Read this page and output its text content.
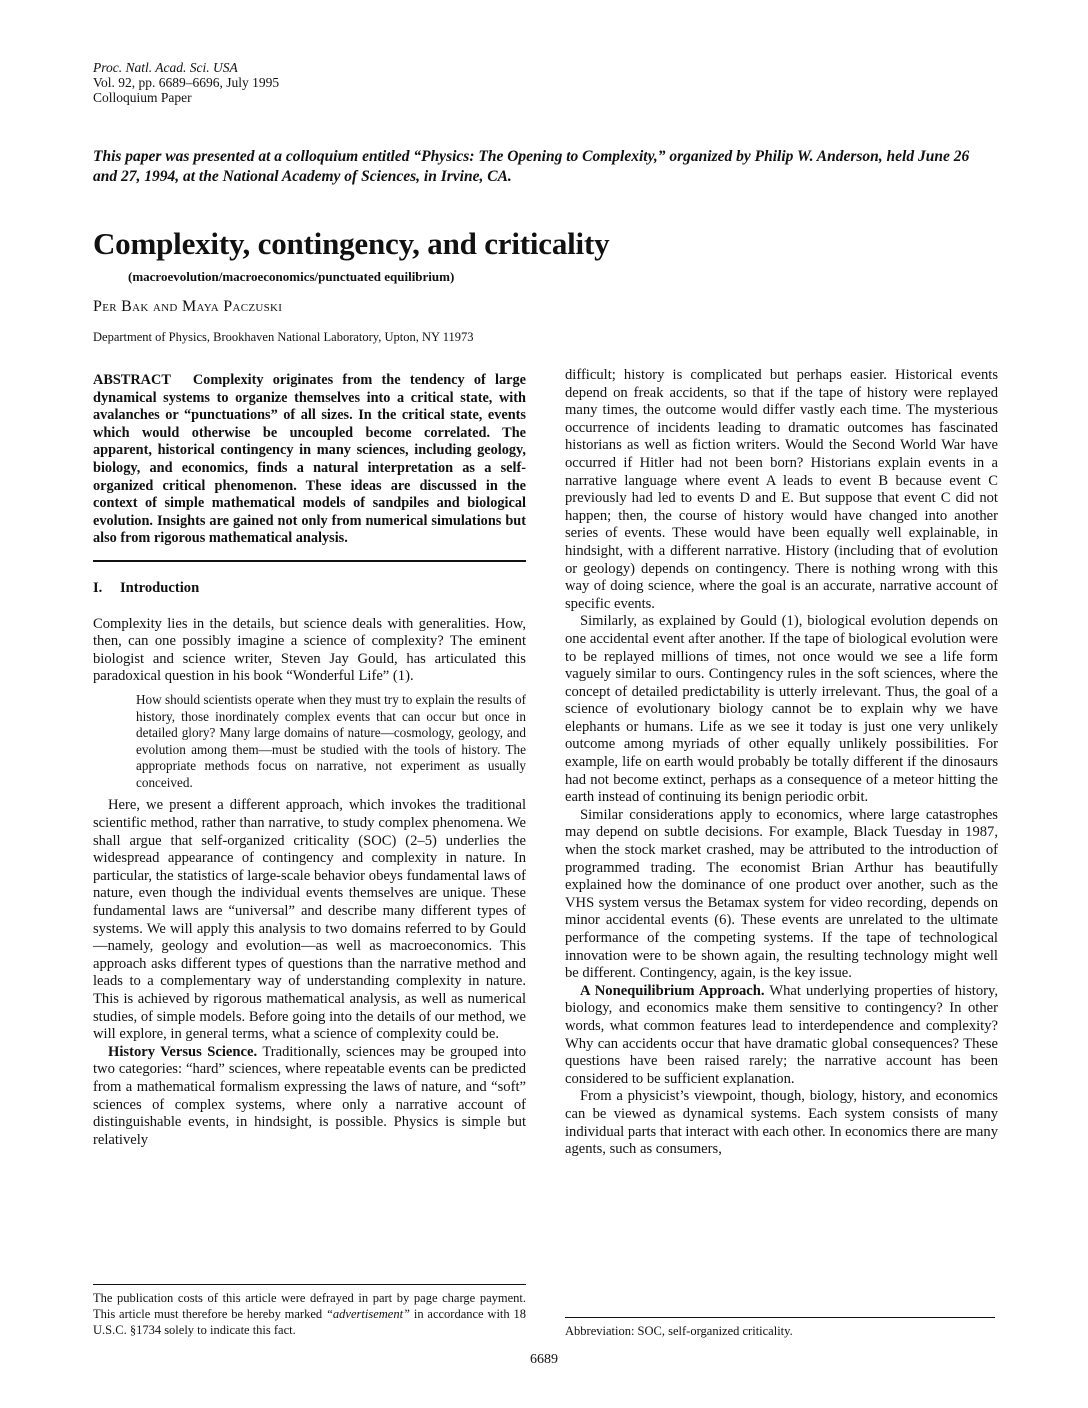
Proc. Natl. Acad. Sci. USA
Vol. 92, pp. 6689–6696, July 1995
Colloquium Paper
This paper was presented at a colloquium entitled “Physics: The Opening to Complexity,” organized by Philip W. Anderson, held June 26 and 27, 1994, at the National Academy of Sciences, in Irvine, CA.
Complexity, contingency, and criticality
(macroevolution/macroeconomics/punctuated equilibrium)
Per Bak and Maya Paczuski
Department of Physics, Brookhaven National Laboratory, Upton, NY 11973

ABSTRACT Complexity originates from the tendency of large dynamical systems to organize themselves into a critical state, with avalanches or “punctuations” of all sizes. In the critical state, events which would otherwise be uncoupled become correlated. The apparent, historical contingency in many sciences, including geology, biology, and economics, finds a natural interpretation as a self-organized critical phenomenon. These ideas are discussed in the context of simple mathematical models of sandpiles and biological evolution. Insights are gained not only from numerical simulations but also from rigorous mathematical analysis.

I. Introduction

Complexity lies in the details, but science deals with generalities. How, then, can one possibly imagine a science of complexity? The eminent biologist and science writer, Steven Jay Gould, has articulated this paradoxical question in his book “Wonderful Life” (1).

How should scientists operate when they must try to explain the results of history, those inordinately complex events that can occur but once in detailed glory? Many large domains of nature—cosmology, geology, and evolution among them—must be studied with the tools of history. The appropriate methods focus on narrative, not experiment as usually conceived.

Here, we present a different approach, which invokes the traditional scientific method, rather than narrative, to study complex phenomena. We shall argue that self-organized criticality (SOC) (2–5) underlies the widespread appearance of contingency and complexity in nature. In particular, the statistics of large-scale behavior obeys fundamental laws of nature, even though the individual events themselves are unique. These fundamental laws are “universal” and describe many different types of systems. We will apply this analysis to two domains referred to by Gould—namely, geology and evolution—as well as macroeconomics. This approach asks different types of questions than the narrative method and leads to a complementary way of understanding complexity in nature. This is achieved by rigorous mathematical analysis, as well as numerical studies, of simple models. Before going into the details of our method, we will explore, in general terms, what a science of complexity could be.

History Versus Science. Traditionally, sciences may be grouped into two categories: “hard” sciences, where repeatable events can be predicted from a mathematical formalism expressing the laws of nature, and “soft” sciences of complex systems, where only a narrative account of distinguishable events, in hindsight, is possible. Physics is simple but relatively

The publication costs of this article were defrayed in part by page charge payment. This article must therefore be hereby marked “advertisement” in accordance with 18 U.S.C. §1734 solely to indicate this fact.

difficult; history is complicated but perhaps easier. Historical events depend on freak accidents, so that if the tape of history were replayed many times, the outcome would differ vastly each time. The mysterious occurrence of incidents leading to dramatic outcomes has fascinated historians as well as fiction writers. Would the Second World War have occurred if Hitler had not been born? Historians explain events in a narrative language where event A leads to event B because event C previously had led to events D and E. But suppose that event C did not happen; then, the course of history would have changed into another series of events. These would have been equally well explainable, in hindsight, with a different narrative. History (including that of evolution or geology) depends on contingency. There is nothing wrong with this way of doing science, where the goal is an accurate, narrative account of specific events.

Similarly, as explained by Gould (1), biological evolution depends on one accidental event after another. If the tape of biological evolution were to be replayed millions of times, not once would we see a life form vaguely similar to ours. Contingency rules in the soft sciences, where the concept of detailed predictability is utterly irrelevant. Thus, the goal of a science of evolutionary biology cannot be to explain why we have elephants or humans. Life as we see it today is just one very unlikely outcome among myriads of other equally unlikely possibilities. For example, life on earth would probably be totally different if the dinosaurs had not become extinct, perhaps as a consequence of a meteor hitting the earth instead of continuing its benign periodic orbit.

Similar considerations apply to economics, where large catastrophes may depend on subtle decisions. For example, Black Tuesday in 1987, when the stock market crashed, may be attributed to the introduction of programmed trading. The economist Brian Arthur has beautifully explained how the dominance of one product over another, such as the VHS system versus the Betamax system for video recording, depends on minor accidental events (6). These events are unrelated to the ultimate performance of the competing systems. If the tape of technological innovation were to be shown again, the resulting technology might well be different. Contingency, again, is the key issue.

A Nonequilibrium Approach. What underlying properties of history, biology, and economics make them sensitive to contingency? In other words, what common features lead to interdependence and complexity? Why can accidents occur that have dramatic global consequences? These questions have been raised rarely; the narrative account has been considered to be sufficient explanation.

From a physicist’s viewpoint, though, biology, history, and economics can be viewed as dynamical systems. Each system consists of many individual parts that interact with each other. In economics there are many agents, such as consumers,

Abbreviation: SOC, self-organized criticality.
6689
